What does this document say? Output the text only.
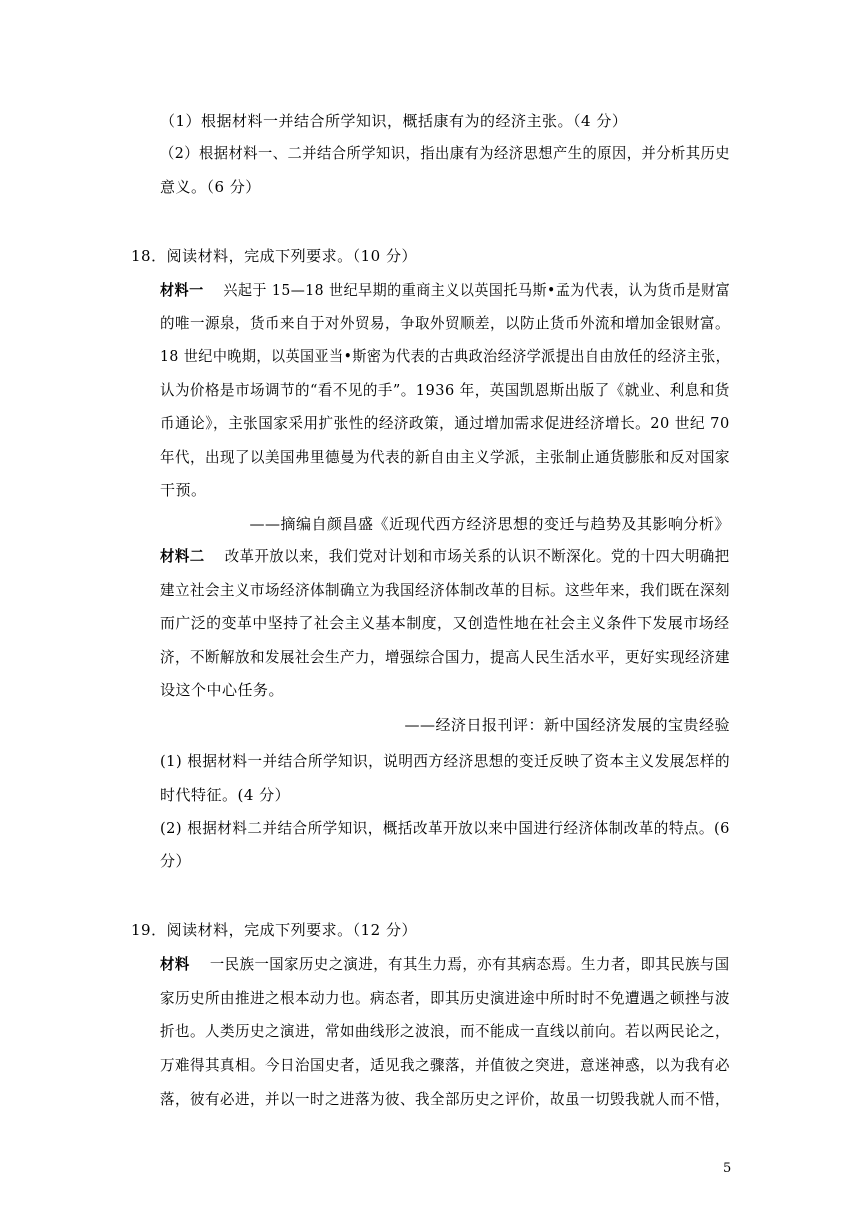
（1）根据材料一并结合所学知识，概括康有为的经济主张。（4 分）
（2）根据材料一、二并结合所学知识，指出康有为经济思想产生的原因，并分析其历史
意义。（6 分）
18．阅读材料，完成下列要求。（10 分）
材料一 兴起于 15—18 世纪早期的重商主义以英国托马斯•孟为代表，认为货币是财富
的唯一源泉，货币来自于对外贸易，争取外贸顺差，以防止货币外流和增加金银财富。
18 世纪中晚期，以英国亚当•斯密为代表的古典政治经济学派提出自由放任的经济主张，
认为价格是市场调节的“看不见的手”。1936 年，英国凯恩斯出版了《就业、利息和货
币通论》，主张国家采用扩张性的经济政策，通过增加需求促进经济增长。20 世纪 70
年代，出现了以美国弗里德曼为代表的新自由主义学派，主张制止通货膨胀和反对国家
干预。
——摘编自颜昌盛《近现代西方经济思想的变迁与趋势及其影响分析》
材料二 改革开放以来，我们党对计划和市场关系的认识不断深化。党的十四大明确把
建立社会主义市场经济体制确立为我国经济体制改革的目标。这些年来，我们既在深刻
而广泛的变革中坚持了社会主义基本制度，又创造性地在社会主义条件下发展市场经
济，不断解放和发展社会生产力，增强综合国力，提高人民生活水平，更好实现经济建
设这个中心任务。
——经济日报刊评：新中国经济发展的宝贵经验
(1) 根据材料一并结合所学知识，说明西方经济思想的变迁反映了资本主义发展怎样的
时代特征。(4 分）
(2) 根据材料二并结合所学知识，概括改革开放以来中国进行经济体制改革的特点。(6
分）
19．阅读材料，完成下列要求。（12 分）
材料 一民族一国家历史之演进，有其生力焉，亦有其病态焉。生力者，即其民族与国
家历史所由推进之根本动力也。病态者，即其历史演进途中所时时不免遭遇之顿挫与波
折也。人类历史之演进，常如曲线形之波浪，而不能成一直线以前向。若以两民论之，
万难得其真相。今日治国史者，适见我之骤落，并值彼之突进，意迷神惑，以为我有必
落，彼有必进，并以一时之进落为彼、我全部历史之评价，故虽一切毁我就人而不惜，
5
